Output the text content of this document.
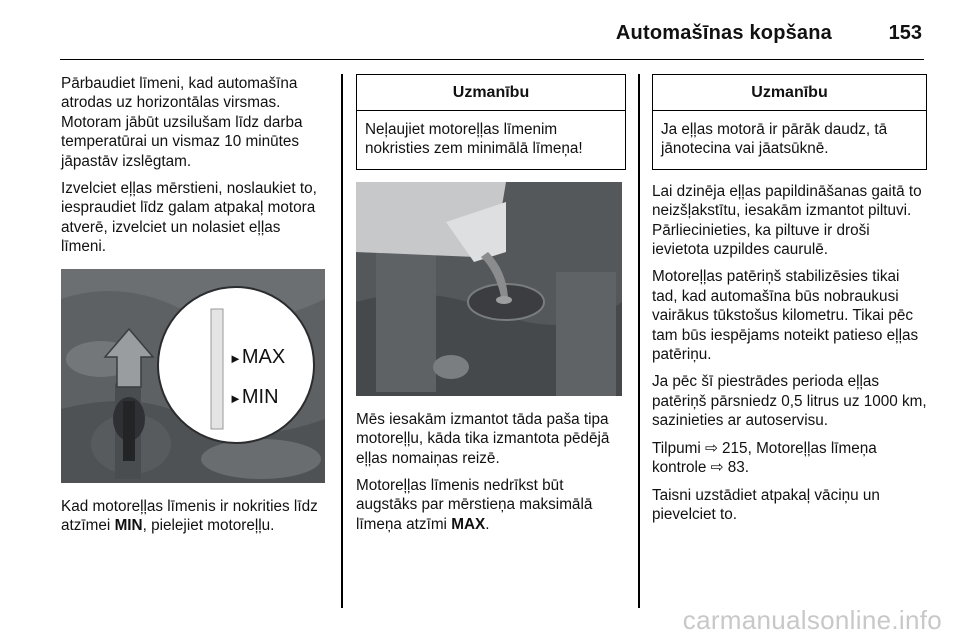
Automašīnas kopšana	153

Pārbaudiet līmeni, kad automašīna atrodas uz horizontālas virsmas. Motoram jābūt uzsilušam līdz darba temperatūrai un vismaz 10 minūtes jāpastāv izslēgtam.

Izvelciet eļļas mērstieni, noslaukiet to, iespraudiet līdz galam atpakaļ motora atverē, izvelciet un nolasiet eļļas līmeni.

►MAX
►MIN

Kad motoreļļas līmenis ir nokrities līdz atzīmei MIN, pielejiet motoreļļu.

Uzmanību
Neļaujiet motoreļļas līmenim nokristies zem minimālā līmeņa!

Mēs iesakām izmantot tāda paša tipa motoreļļu, kāda tika izmantota pēdējā eļļas nomaiņas reizē.

Motoreļļas līmenis nedrīkst būt augstāks par mērstieņa maksimālā līmeņa atzīmi MAX.

Uzmanību
Ja eļļas motorā ir pārāk daudz, tā jānotecina vai jāatsūknē.

Lai dzinēja eļļas papildināšanas gaitā to neizšļakstītu, iesakām izmantot piltuvi. Pārliecinieties, ka piltuve ir droši ievietota uzpildes caurulē.

Motoreļļas patēriņš stabilizēsies tikai tad, kad automašīna būs nobraukusi vairākus tūkstošus kilometru. Tikai pēc tam būs iespējams noteikt patieso eļļas patēriņu.

Ja pēc šī piestrādes perioda eļļas patēriņš pārsniedz 0,5 litrus uz 1000 km, sazinieties ar autoservisu.

Tilpumi ⇨ 215, Motoreļļas līmeņa kontrole ⇨ 83.

Taisni uzstādiet atpakaļ vāciņu un pievelciet to.

carmanualsonline.info
